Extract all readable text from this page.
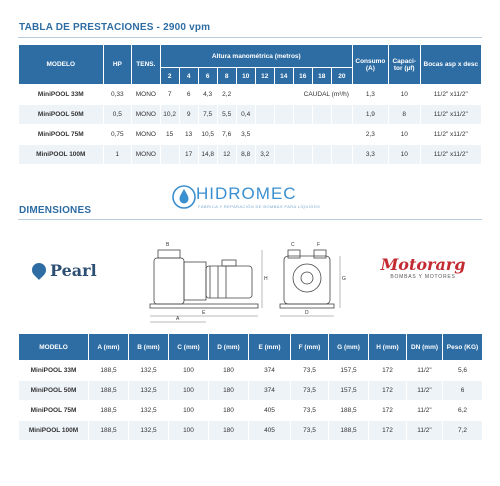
TABLA DE PRESTACIONES - 2900 vpm
MODELO	HP	TENS.	Altura manométrica (metros)										Consumo (A)	Capaci-tor (µf)	Bocas asp x desc
			2	4	6	8	10	12	14	16	18	20			
MiniPOOL 33M	0,33	MONO	7	6	4,3	2,2		CAUDAL (m³/h)					1,3	10	11/2" x11/2"
MiniPOOL 50M	0,5	MONO	10,2	9	7,5	5,5	0,4						1,9	8	11/2" x11/2"
MiniPOOL 75M	0,75	MONO	15	13	10,5	7,6	3,5						2,3	10	11/2" x11/2"
MiniPOOL 100M	1	MONO		17	14,8	12	8,8	3,2					3,3	10	11/2" x11/2"
HIDROMEC
FÁBRICA Y REPARACIÓN DE BOMBAS PARA LÍQUIDOS
DIMENSIONES
Pearl
E
A
H
B
D
G
C	F
Motorarg
BOMBAS Y MOTORES
MODELO	A (mm)	B (mm)	C (mm)	D (mm)	E (mm)	F (mm)	G (mm)	H (mm)	DN (mm)	Peso (KG)
MiniPOOL 33M	188,5	132,5	100	180	374	73,5	157,5	172	11/2"	5,6
MiniPOOL 50M	188,5	132,5	100	180	374	73,5	157,5	172	11/2"	6
MiniPOOL 75M	188,5	132,5	100	180	405	73,5	188,5	172	11/2"	6,2
MiniPOOL 100M	188,5	132,5	100	180	405	73,5	188,5	172	11/2"	7,2
